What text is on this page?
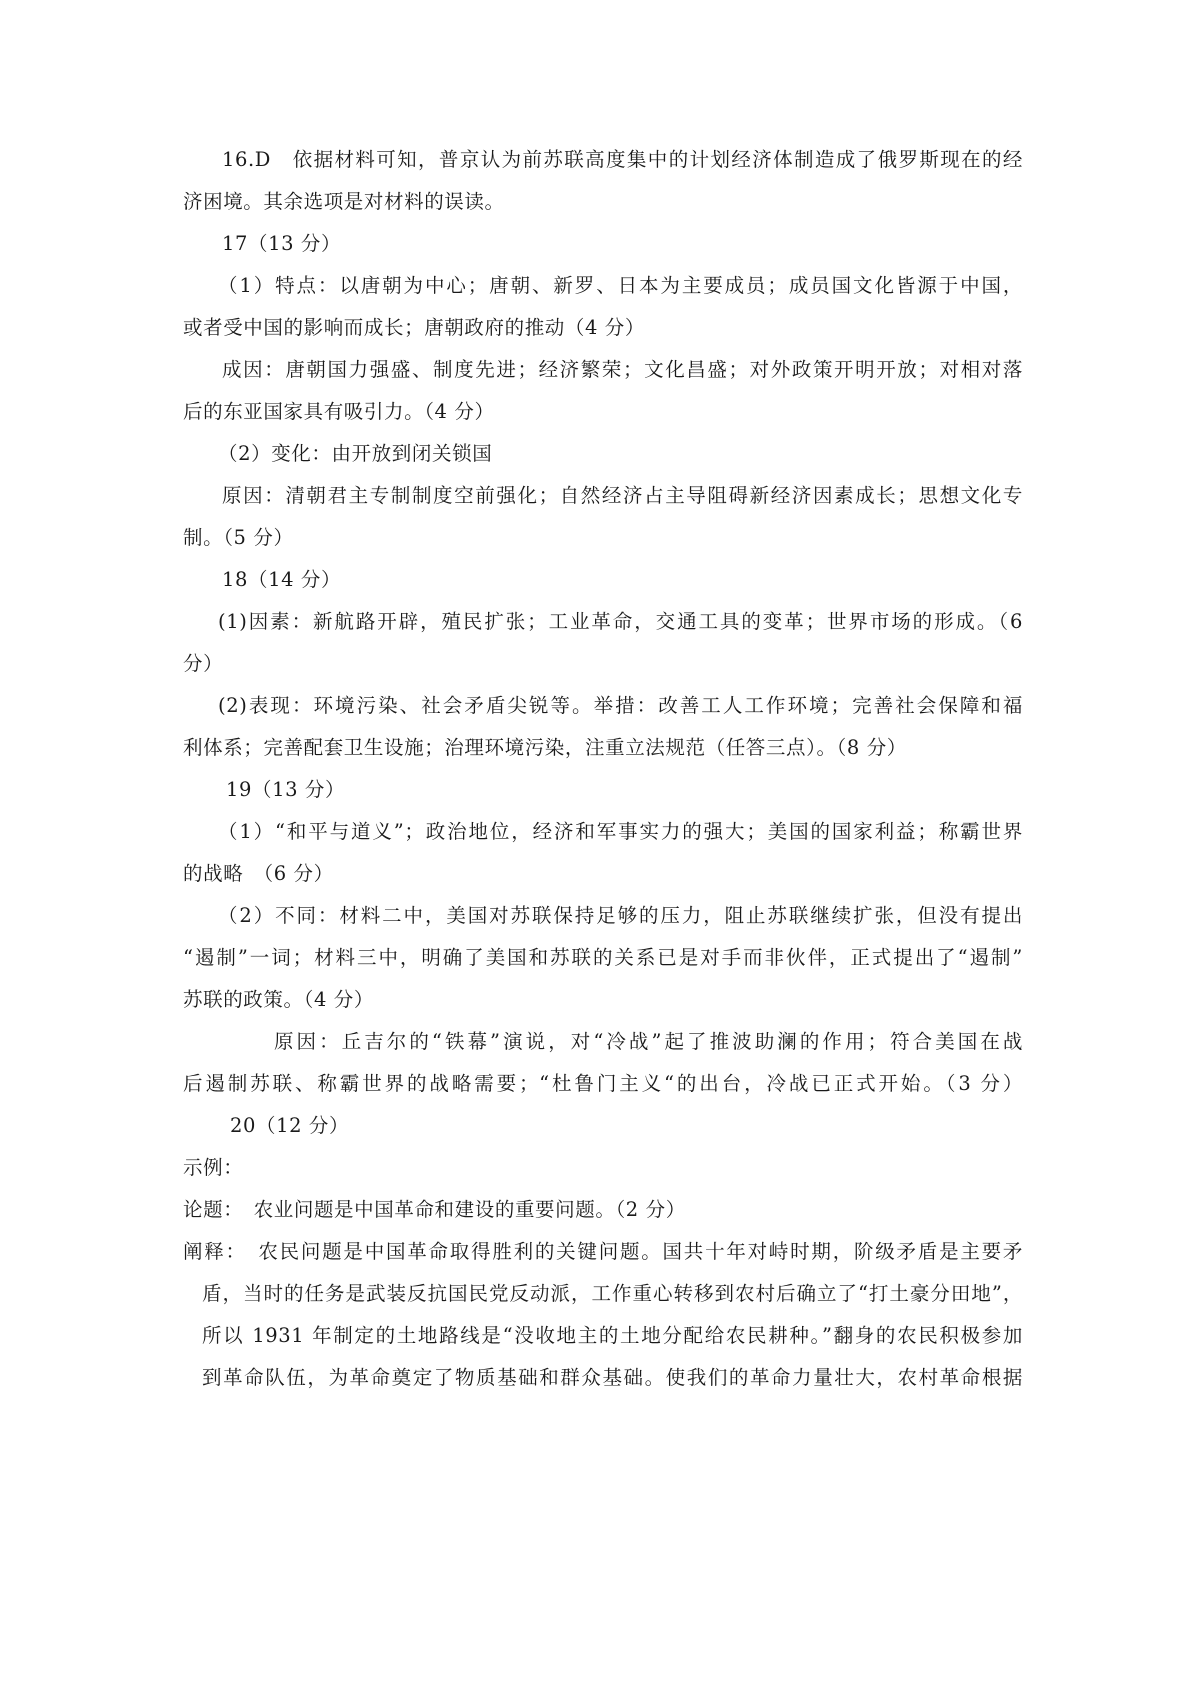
16.D　依据材料可知，普京认为前苏联高度集中的计划经济体制造成了俄罗斯现在的经
济困境。其余选项是对材料的误读。
17（13 分）
（1）特点：以唐朝为中心；唐朝、新罗、日本为主要成员；成员国文化皆源于中国，
或者受中国的影响而成长；唐朝政府的推动（4 分）
成因：唐朝国力强盛、制度先进；经济繁荣；文化昌盛；对外政策开明开放；对相对落
后的东亚国家具有吸引力。（4 分）
（2）变化：由开放到闭关锁国
原因：清朝君主专制制度空前强化；自然经济占主导阻碍新经济因素成长；思想文化专
制。（5 分）
18（14 分）
(1)因素：新航路开辟，殖民扩张；工业革命，交通工具的变革；世界市场的形成。（6
分）
(2)表现：环境污染、社会矛盾尖锐等。举措：改善工人工作环境；完善社会保障和福
利体系；完善配套卫生设施；治理环境污染，注重立法规范（任答三点）。（8 分）
19（13 分）
（1）“和平与道义”；政治地位，经济和军事实力的强大；美国的国家利益；称霸世界
的战略　（6 分）
（2）不同：材料二中，美国对苏联保持足够的压力，阻止苏联继续扩张，但没有提出
“遏制”一词；材料三中，明确了美国和苏联的关系已是对手而非伙伴，正式提出了“遏制”
苏联的政策。（4 分）
原因：丘吉尔的“铁幕”演说，对“冷战”起了推波助澜的作用；符合美国在战
后遏制苏联、称霸世界的战略需要；“杜鲁门主义“的出台，冷战已正式开始。（3 分）
20（12 分）
示例：
论题：　农业问题是中国革命和建设的重要问题。（2 分）
阐释：　农民问题是中国革命取得胜利的关键问题。国共十年对峙时期，阶级矛盾是主要矛
盾，当时的任务是武装反抗国民党反动派，工作重心转移到农村后确立了“打土豪分田地”，
所以 1931 年制定的土地路线是“没收地主的土地分配给农民耕种。”翻身的农民积极参加
到革命队伍，为革命奠定了物质基础和群众基础。使我们的革命力量壮大，农村革命根据
